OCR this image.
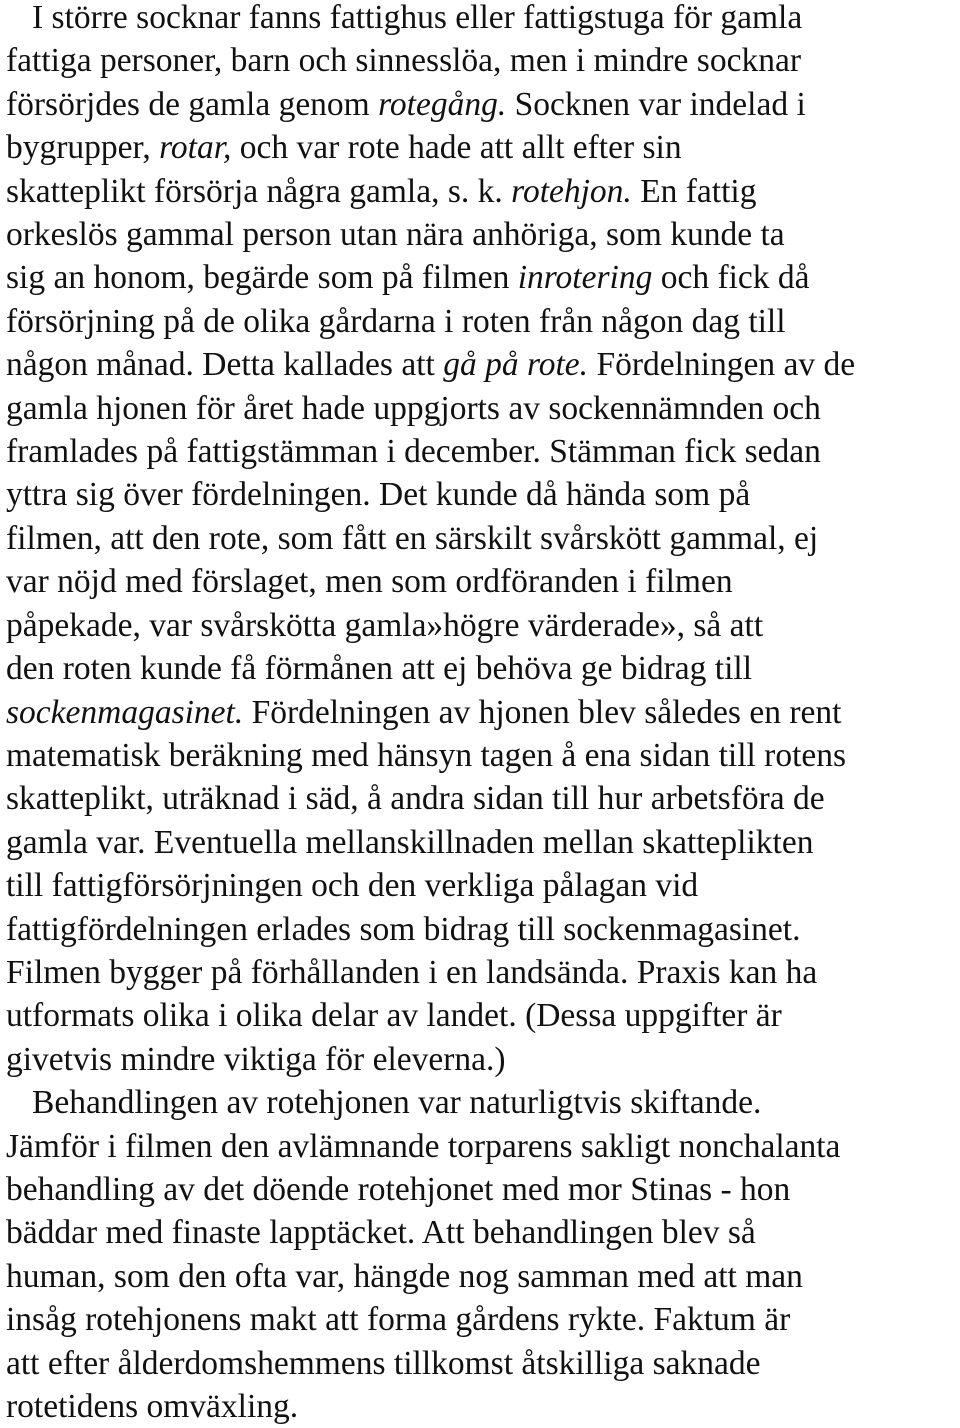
I större socknar fanns fattighus eller fattigstuga för gamla
fattiga personer, barn och sinnesslöa, men i mindre socknar
försörjdes de gamla genom rotegång. Socknen var indelad i
bygrupper, rotar, och var rote hade att allt efter sin
skatteplikt försörja några gamla, s. k. rotehjon. En fattig
orkeslös gammal person utan nära anhöriga, som kunde ta
sig an honom, begärde som på filmen inrotering och fick då
försörjning på de olika gårdarna i roten från någon dag till
någon månad. Detta kallades att gå på rote. Fördelningen av de
gamla hjonen för året hade uppgjorts av sockennämnden och
framlades på fattigstämman i december. Stämman fick sedan
yttra sig över fördelningen. Det kunde då hända som på
filmen, att den rote, som fått en särskilt svårskött gammal, ej
var nöjd med förslaget, men som ordföranden i filmen
påpekade, var svårskötta gamla»högre värderade», så att
den roten kunde få förmånen att ej behöva ge bidrag till
sockenmagasinet. Fördelningen av hjonen blev således en rent
matematisk beräkning med hänsyn tagen å ena sidan till rotens
skatteplikt, uträknad i säd, å andra sidan till hur arbetsföra de
gamla var. Eventuella mellanskillnaden mellan skatteplikten
till fattigförsörjningen och den verkliga pålagan vid
fattigfördelningen erlades som bidrag till sockenmagasinet.
Filmen bygger på förhållanden i en landsända. Praxis kan ha
utformats olika i olika delar av landet. (Dessa uppgifter är
givetvis mindre viktiga för eleverna.)
Behandlingen av rotehjonen var naturligtvis skiftande.
Jämför i filmen den avlämnande torparens sakligt nonchalanta
behandling av det döende rotehjonet med mor Stinas - hon
bäddar med finaste lapptäcket. Att behandlingen blev så
human, som den ofta var, hängde nog samman med att man
insåg rotehjonens makt att forma gårdens rykte. Faktum är
att efter ålderdomshemmens tillkomst åtskilliga saknade
rotetidens omväxling.
